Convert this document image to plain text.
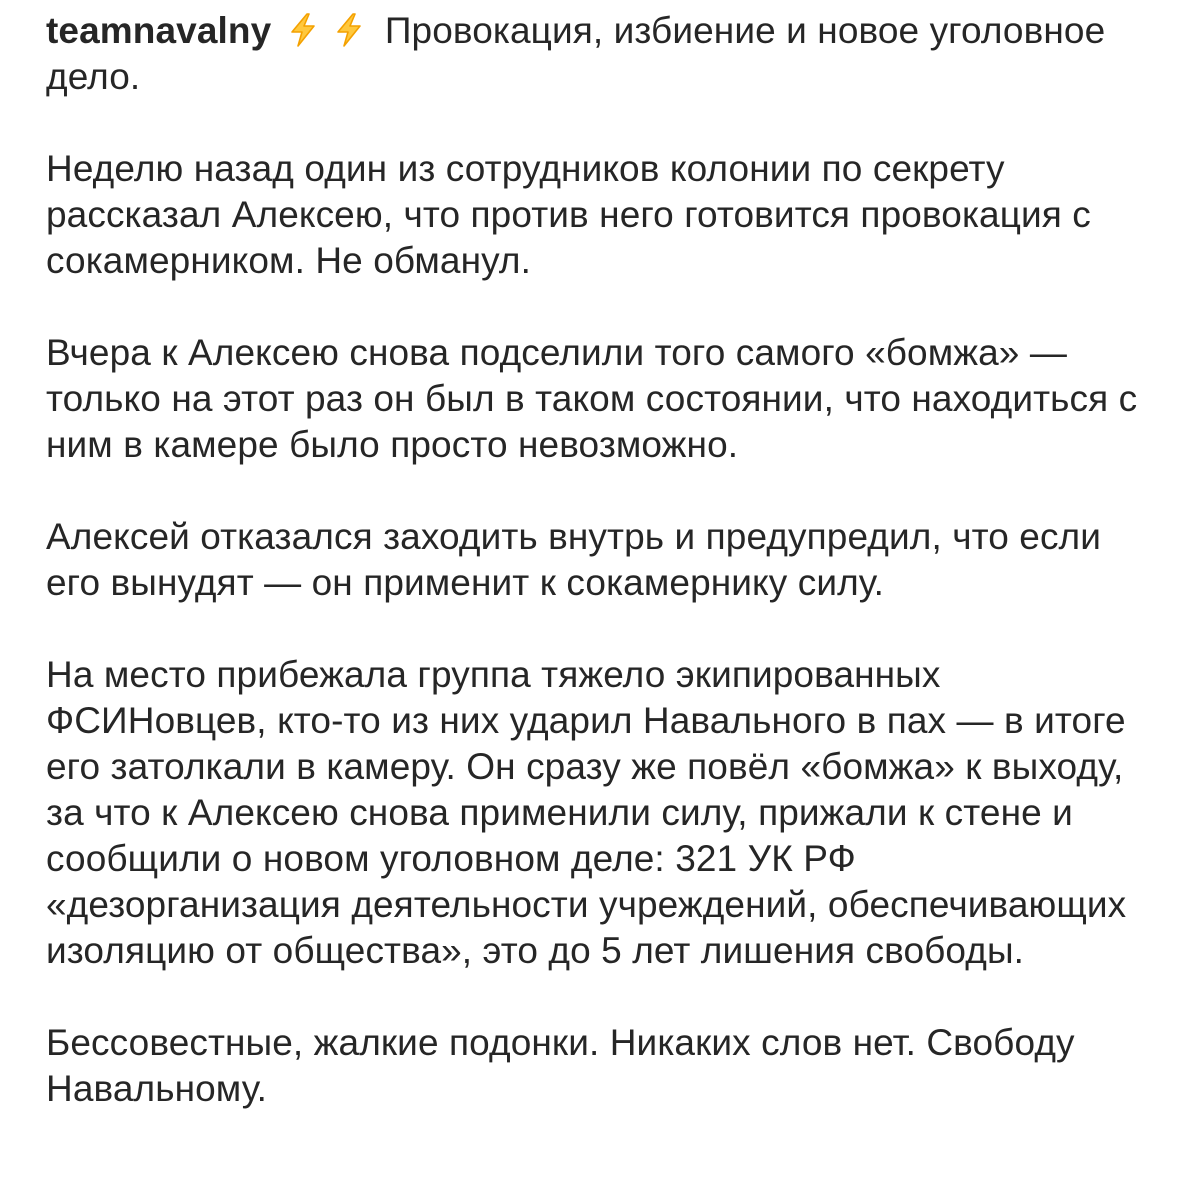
teamnavalny	Провокация, избиение и новое уголовное дело.

Неделю назад один из сотрудников колонии по секрету рассказал Алексею, что против него готовится провокация с сокамерником. Не обманул.

Вчера к Алексею снова подселили того самого «бомжа» — только на этот раз он был в таком состоянии, что находиться с ним в камере было просто невозможно.

Алексей отказался заходить внутрь и предупредил, что если его вынудят — он применит к сокамернику силу.

На место прибежала группа тяжело экипированных ФСИНовцев, кто-то из них ударил Навального в пах — в итоге его затолкали в камеру. Он сразу же повёл «бомжа» к выходу, за что к Алексею снова применили силу, прижали к стене и сообщили о новом уголовном деле: 321 УК РФ «дезорганизация деятельности учреждений, обеспечивающих изоляцию от общества», это до 5 лет лишения свободы.

Бессовестные, жалкие подонки. Никаких слов нет. Свободу Навальному.
